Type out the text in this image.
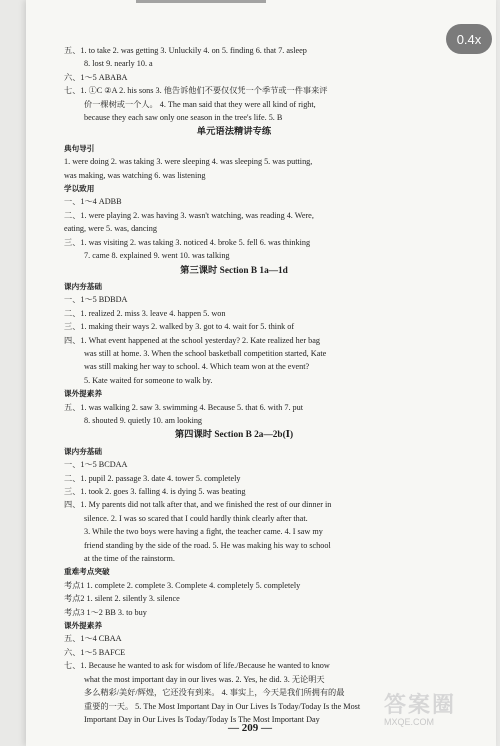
0.4x
五、1. to take 2. was getting 3. Unluckily 4. on 5. finding 6. that 7. asleep
8. lost 9. nearly 10. a
六、1～5 ABABA
七、1. ①C ②A 2. his sons 3. 他告诉他们不要仅仅凭一个季节或一件事来评
价一棵树或一个人。 4. The man said that they were all kind of right,
because they each saw only one season in the tree's life. 5. B
单元语法精讲专练
典句导引
1. were doing 2. was taking 3. were sleeping 4. was sleeping 5. was putting,
was making, was watching 6. was listening
学以致用
一、1～4 ADBB
二、1. were playing 2. was having 3. wasn't watching, was reading 4. Were,
eating, were 5. was, dancing
三、1. was visiting 2. was taking 3. noticed 4. broke 5. fell 6. was thinking
7. came 8. explained 9. went 10. was talking
第三课时 Section B 1a—1d
课内夯基础
一、1～5 BDBDA
二、1. realized 2. miss 3. leave 4. happen 5. won
三、1. making their ways 2. walked by 3. got to 4. wait for 5. think of
四、1. What event happened at the school yesterday? 2. Kate realized her bag
was still at home. 3. When the school basketball competition started, Kate
was still making her way to school. 4. Which team won at the event?
5. Kate waited for someone to walk by.
课外提素养
五、1. was walking 2. saw 3. swimming 4. Because 5. that 6. with 7. put
8. shouted 9. quietly 10. am looking
第四课时 Section B 2a—2b(Ⅰ)
课内夯基础
一、1～5 BCDAA
二、1. pupil 2. passage 3. date 4. tower 5. completely
三、1. took 2. goes 3. falling 4. is dying 5. was beating
四、1. My parents did not talk after that, and we finished the rest of our dinner in
silence. 2. I was so scared that I could hardly think clearly after that.
3. While the two boys were having a fight, the teacher came. 4. I saw my
friend standing by the side of the road. 5. He was making his way to school
at the time of the rainstorm.
重难考点突破
考点1 1. complete 2. complete 3. Complete 4. completely 5. completely
考点2 1. silent 2. silently 3. silence
考点3 1～2 BB 3. to buy
课外提素养
五、1～4 CBAA
六、1～5 BAFCE
七、1. Because he wanted to ask for wisdom of life./Because he wanted to know
what the most important day in our lives was. 2. Yes, he did. 3. 无论明天
多么精彩/美好/辉煌，它还没有到来。 4. 事实上，今天是我们所拥有的最
重要的一天。 5. The Most Important Day in Our Lives Is Today/Today Is the Most
Important Day in Our Lives Is Today/Today Is The Most Important Day
— 209 —
答案圈
MXQE.COM
